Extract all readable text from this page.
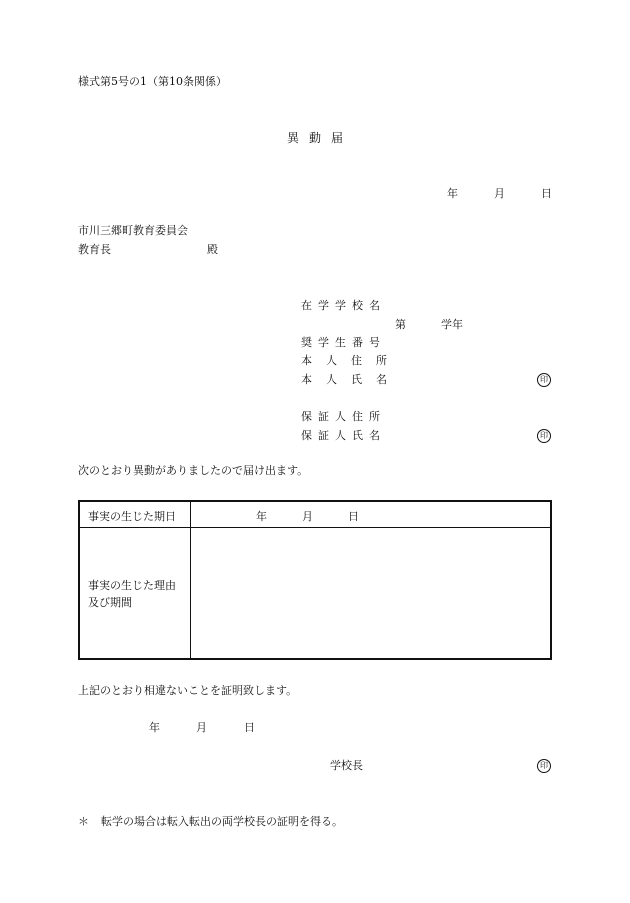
様式第5号の1（第10条関係）
異動届
年	月	日
市川三郷町教育委員会
教育長	殿
在学学校名
第	学年
奨学生番号
本人住所
本人氏名	印
保証人住所
保証人氏名	印
次のとおり異動がありましたので届け出ます。
事実の生じた期日	年	月	日
事実の生じた理由
及び期間
上記のとおり相違ないことを証明致します。
年	月	日
学校長	印
＊ 転学の場合は転入転出の両学校長の証明を得る。
